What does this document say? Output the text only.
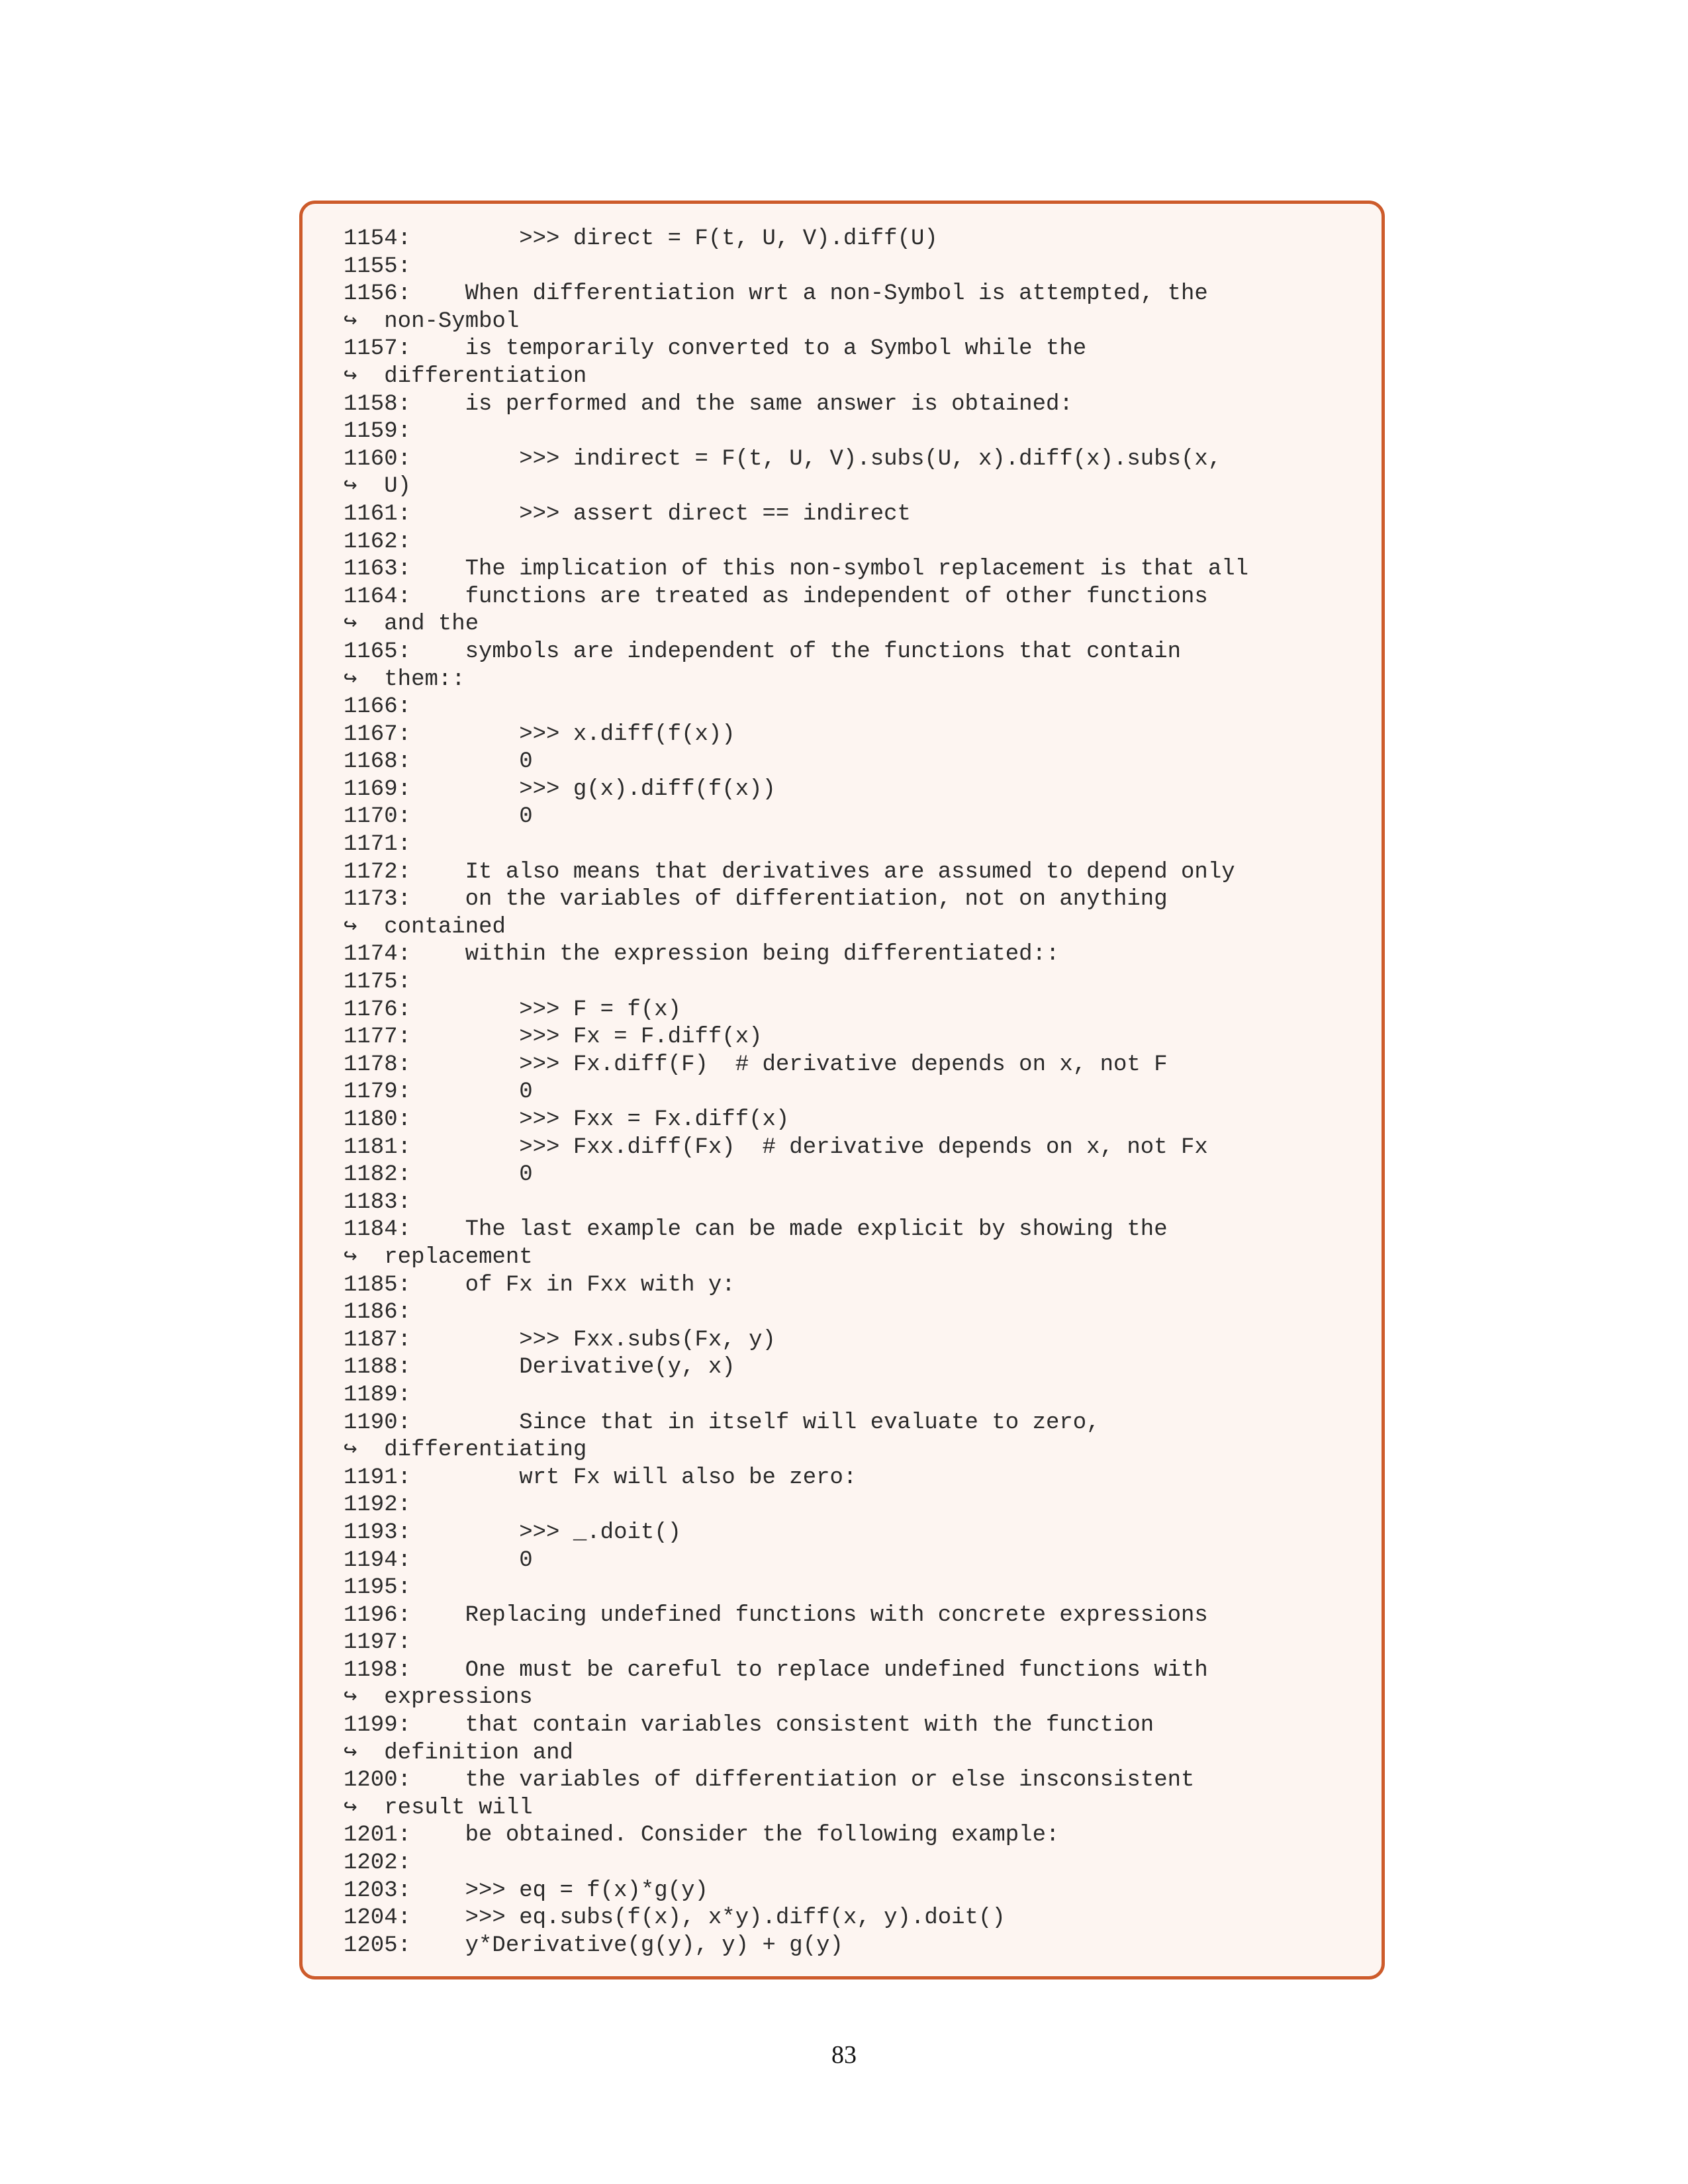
1154:        >>> direct = F(t, U, V).diff(U)
1155:
1156:    When differentiation wrt a non-Symbol is attempted, the
↪  non-Symbol
1157:    is temporarily converted to a Symbol while the
↪  differentiation
1158:    is performed and the same answer is obtained:
1159:
1160:        >>> indirect = F(t, U, V).subs(U, x).diff(x).subs(x,
↪  U)
1161:        >>> assert direct == indirect
1162:
1163:    The implication of this non-symbol replacement is that all
1164:    functions are treated as independent of other functions
↪  and the
1165:    symbols are independent of the functions that contain
↪  them::
1166:
1167:        >>> x.diff(f(x))
1168:        0
1169:        >>> g(x).diff(f(x))
1170:        0
1171:
1172:    It also means that derivatives are assumed to depend only
1173:    on the variables of differentiation, not on anything
↪  contained
1174:    within the expression being differentiated::
1175:
1176:        >>> F = f(x)
1177:        >>> Fx = F.diff(x)
1178:        >>> Fx.diff(F)  # derivative depends on x, not F
1179:        0
1180:        >>> Fxx = Fx.diff(x)
1181:        >>> Fxx.diff(Fx)  # derivative depends on x, not Fx
1182:        0
1183:
1184:    The last example can be made explicit by showing the
↪  replacement
1185:    of Fx in Fxx with y:
1186:
1187:        >>> Fxx.subs(Fx, y)
1188:        Derivative(y, x)
1189:
1190:        Since that in itself will evaluate to zero,
↪  differentiating
1191:        wrt Fx will also be zero:
1192:
1193:        >>> _.doit()
1194:        0
1195:
1196:    Replacing undefined functions with concrete expressions
1197:
1198:    One must be careful to replace undefined functions with
↪  expressions
1199:    that contain variables consistent with the function
↪  definition and
1200:    the variables of differentiation or else insconsistent
↪  result will
1201:    be obtained. Consider the following example:
1202:
1203:    >>> eq = f(x)*g(y)
1204:    >>> eq.subs(f(x), x*y).diff(x, y).doit()
1205:    y*Derivative(g(y), y) + g(y)
83
